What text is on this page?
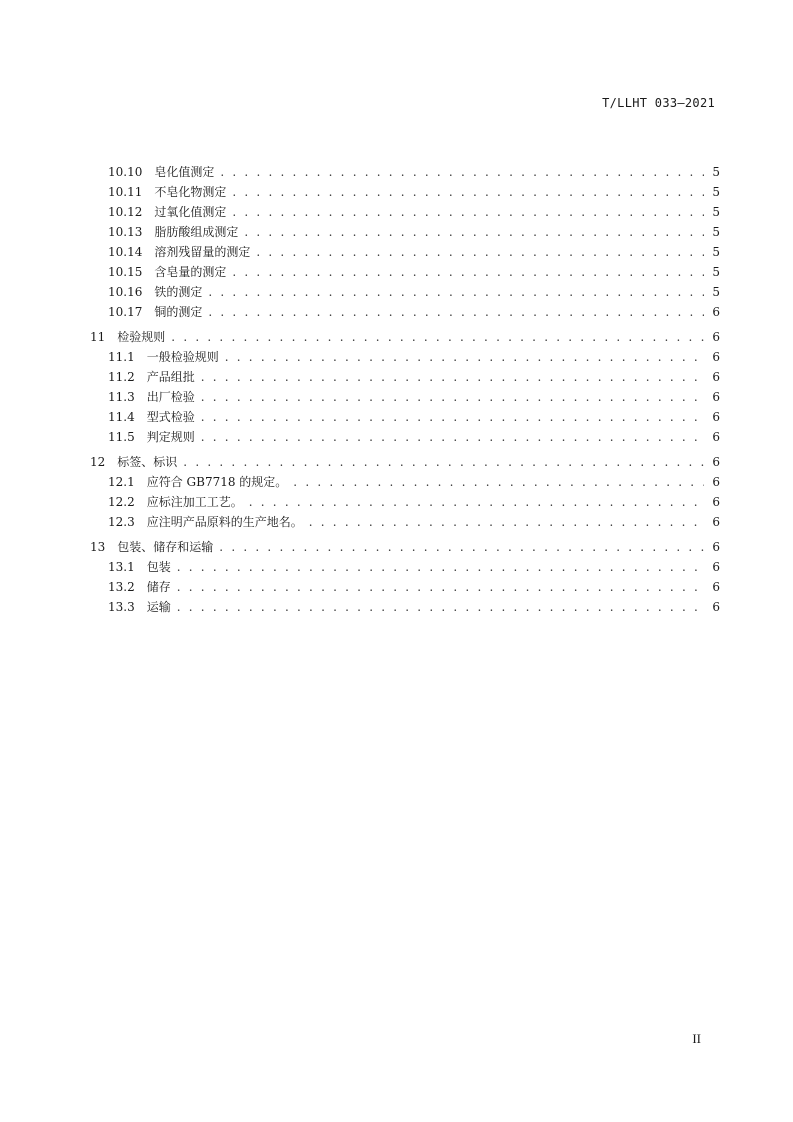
T/LLHT 033—2021
10.10	皂化值测定 . . .	5
10.11	不皂化物测定 . . .	5
10.12	过氧化值测定 . . .	5
10.13	脂肪酸组成测定 . . .	5
10.14	溶剂残留量的测定 . . .	5
10.15	含皂量的测定 . . .	5
10.16	铁的测定 . . .	5
10.17	铜的测定 . . .	6
11	检验规则 . . .	6
11.1	一般检验规则 . . .	6
11.2	产品组批 . . .	6
11.3	出厂检验 . . .	6
11.4	型式检验 . . .	6
11.5	判定规则 . . .	6
12	标签、标识 . . .	6
12.1	应符合 GB7718 的规定。 . . .	6
12.2	应标注加工工艺。 . . .	6
12.3	应注明产品原料的生产地名。 . . .	6
13	包装、储存和运输 . . .	6
13.1	包装 . . .	6
13.2	储存 . . .	6
13.3	运输 . . .	6
II
